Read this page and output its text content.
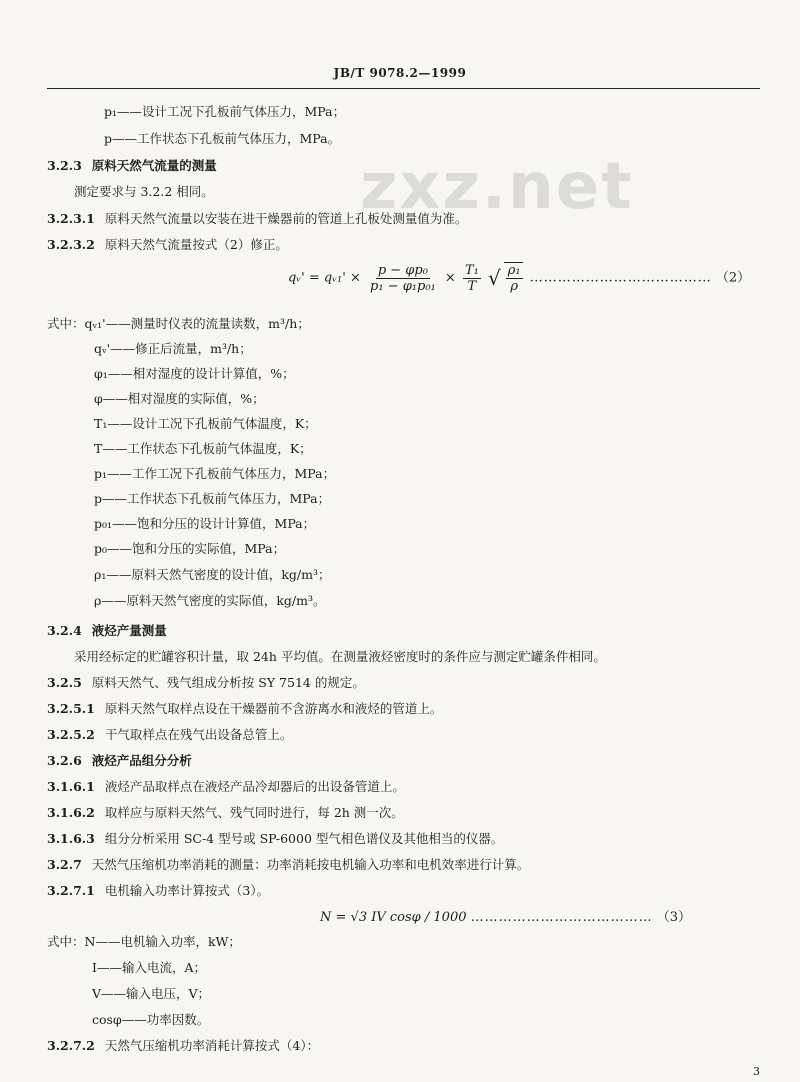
JB/T 9078.2—1999
zxz.net
p₁——设计工况下孔板前气体压力，MPa；
p——工作状态下孔板前气体压力，MPa。
3.2.3 原料天然气流量的测量
测定要求与 3.2.2 相同。
3.2.3.1 原料天然气流量以安装在进干燥器前的管道上孔板处测量值为准。
3.2.3.2 原料天然气流量按式（2）修正。
qᵥ' = qᵥ₁' × $\frac{\text{p − φp₀}}{\text{p₁ − φ₁p₀₁}} \times \frac{\text{T₁}}{T}$
√ $\frac{\text{ρ₁}}{\rho}$ ………………………………… （2）
式中：qᵥ₁'——测量时仪表的流量读数，m³/h；
qᵥ'——修正后流量，m³/h；
φ₁——相对湿度的设计计算值，%；
φ——相对湿度的实际值，%；
T₁——设计工况下孔板前气体温度，K；
T——工作状态下孔板前气体温度，K；
p₁——工作工况下孔板前气体压力，MPa；
p——工作状态下孔板前气体压力，MPa；
p₀₁——饱和分压的设计计算值，MPa；
p₀——饱和分压的实际值，MPa；
ρ₁——原料天然气密度的设计值，kg/m³；
ρ——原料天然气密度的实际值，kg/m³。
3.2.4 液烃产量测量
采用经标定的贮罐容积计量，取 24h 平均值。在测量液烃密度时的条件应与测定贮罐条件相同。
3.2.5 原料天然气、残气组成分析按 SY 7514 的规定。
3.2.5.1 原料天然气取样点设在干燥器前不含游离水和液烃的管道上。
3.2.5.2 干气取样点在残气出设备总管上。
3.2.6 液烃产品组分分析
3.1.6.1 液烃产品取样点在液烃产品冷却器后的出设备管道上。
3.1.6.2 取样应与原料天然气、残气同时进行，每 2h 测一次。
3.1.6.3 组分分析采用 SC-4 型号或 SP-6000 型气相色谱仪及其他相当的仪器。
3.2.7 天然气压缩机功率消耗的测量：功率消耗按电机输入功率和电机效率进行计算。
3.2.7.1 电机输入功率计算按式（3）。
N = √3 IV cosφ / 1000 ………………………………… （3）
式中：N——电机输入功率，kW；
I——输入电流，A；
V——输入电压，V；
cosφ——功率因数。
3.2.7.2 天然气压缩机功率消耗计算按式（4）：
3
